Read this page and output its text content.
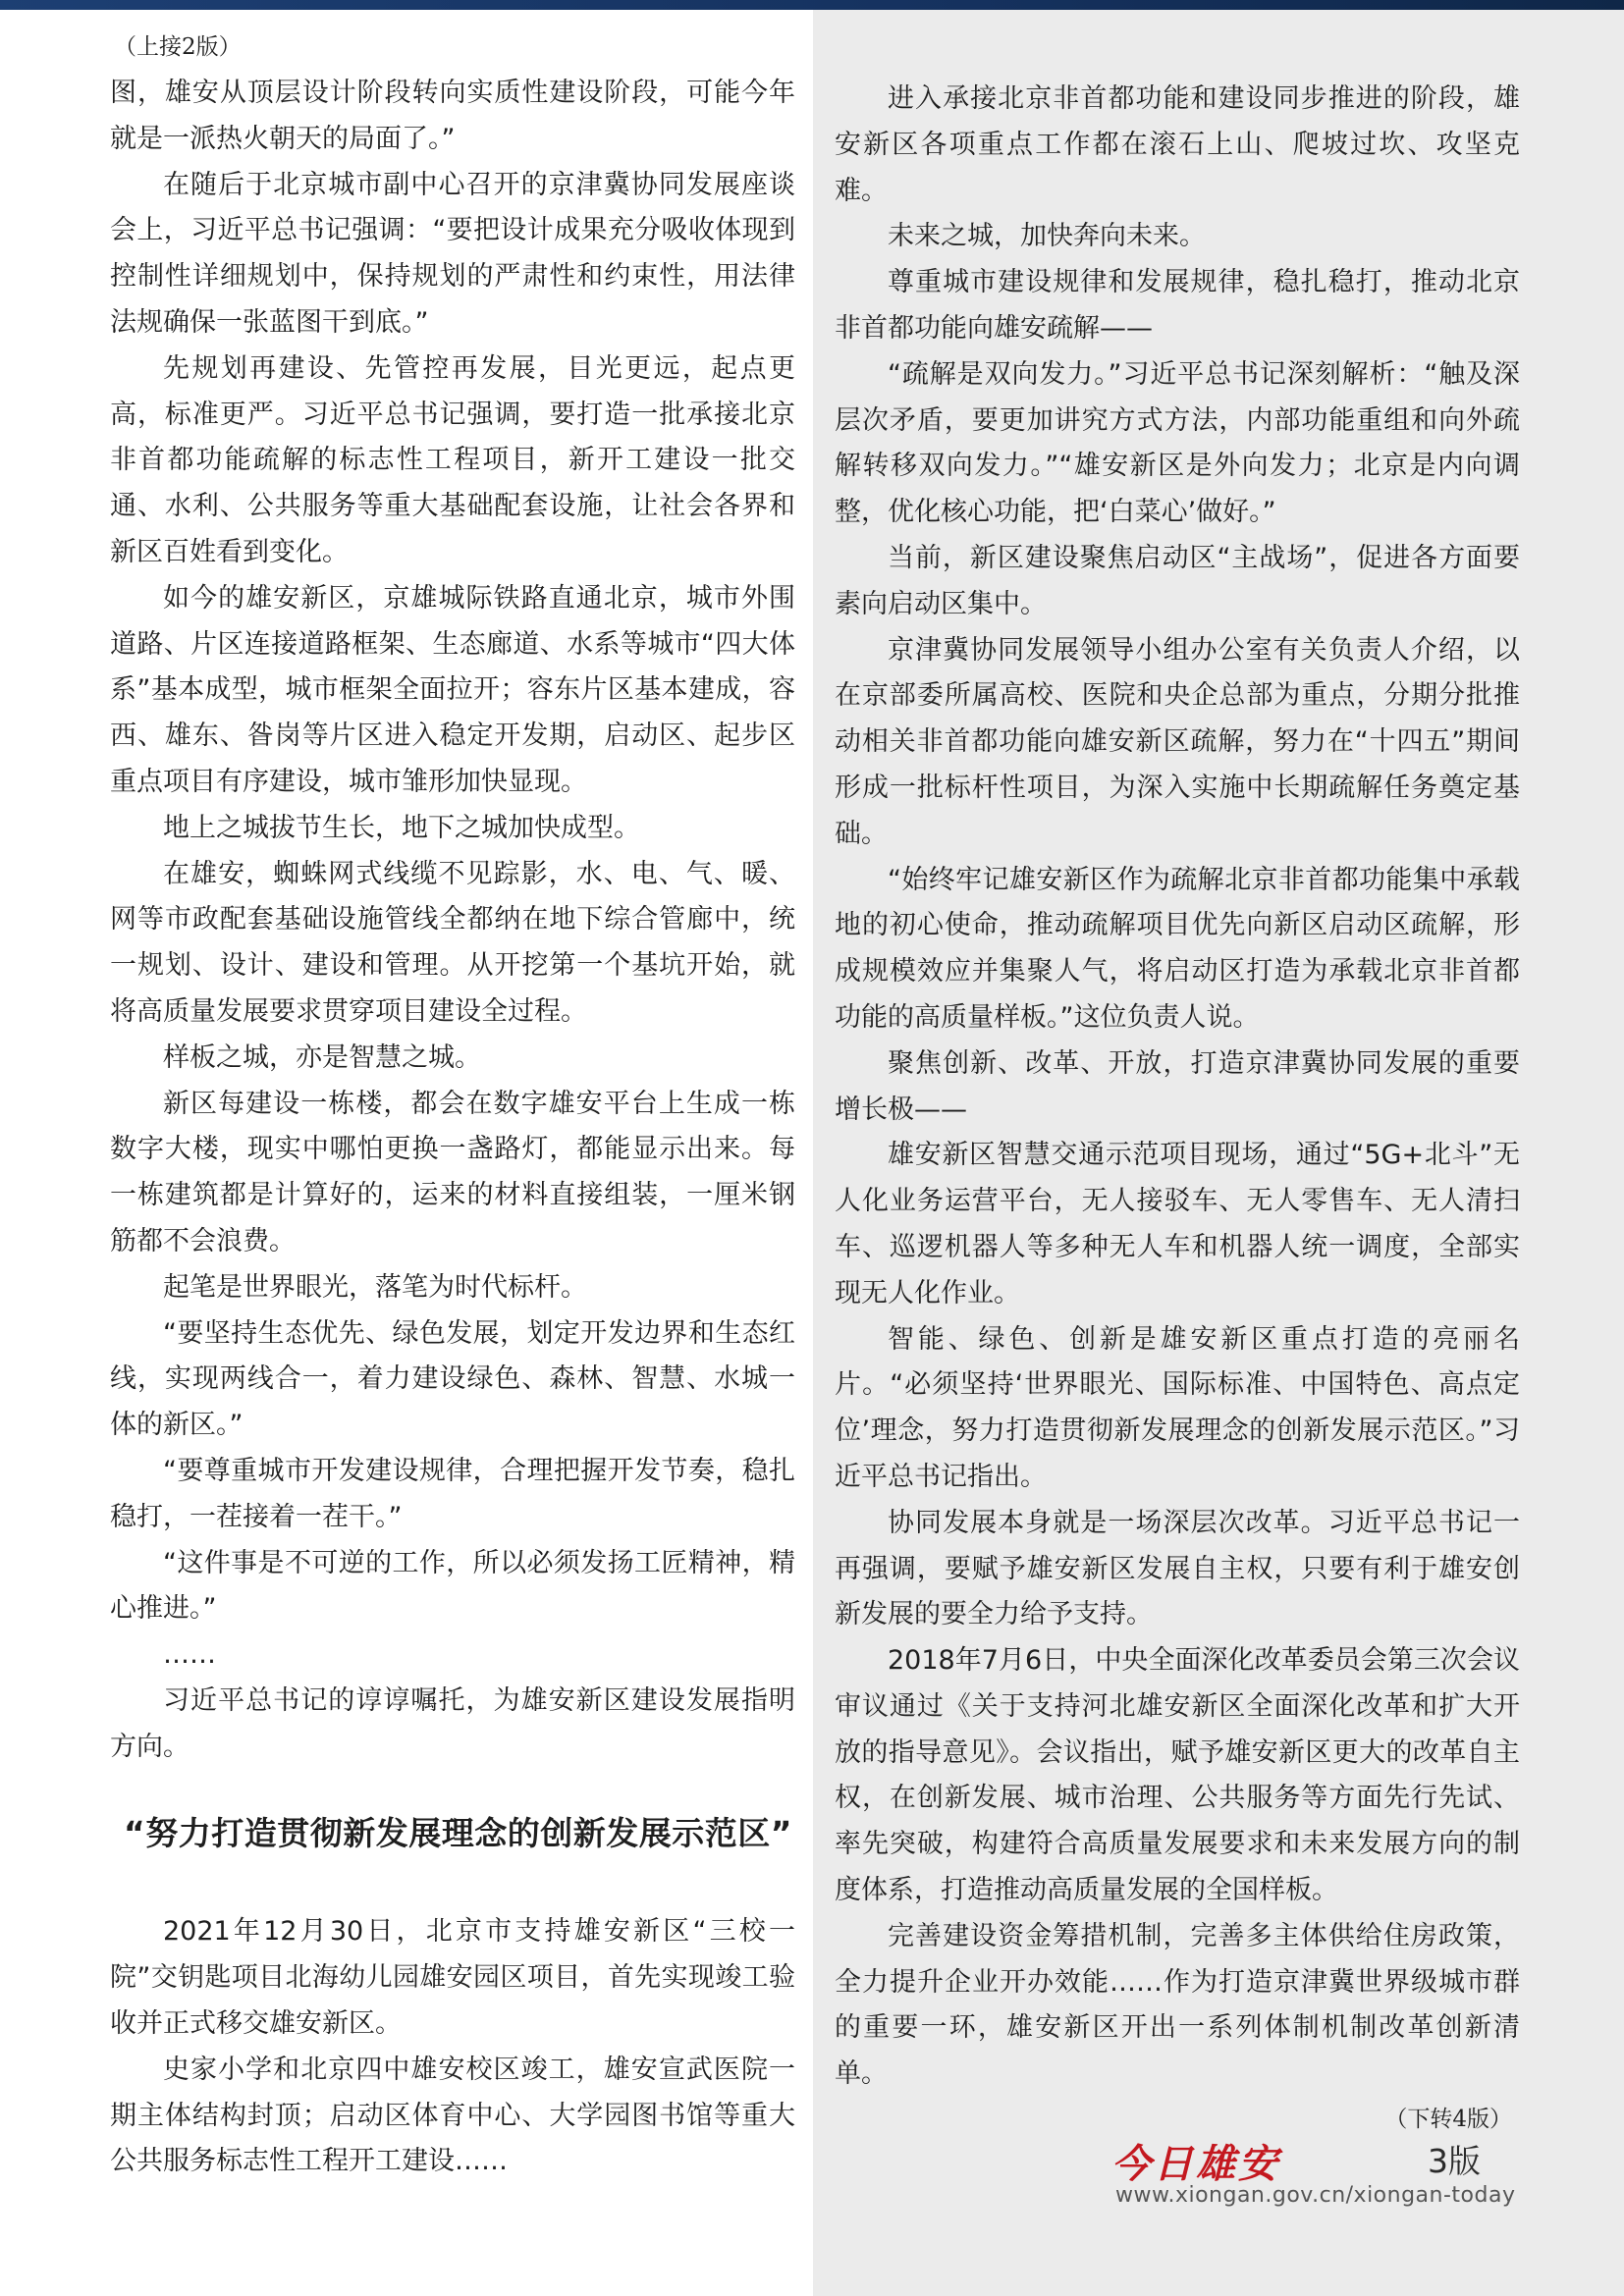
（上接2版）

图，雄安从顶层设计阶段转向实质性建设阶段，可能今年就是一派热火朝天的局面了。”

在随后于北京城市副中心召开的京津冀协同发展座谈会上，习近平总书记强调：“要把设计成果充分吸收体现到控制性详细规划中，保持规划的严肃性和约束性，用法律法规确保一张蓝图干到底。”

先规划再建设、先管控再发展，目光更远，起点更高，标准更严。习近平总书记强调，要打造一批承接北京非首都功能疏解的标志性工程项目，新开工建设一批交通、水利、公共服务等重大基础配套设施，让社会各界和新区百姓看到变化。

如今的雄安新区，京雄城际铁路直通北京，城市外围道路、片区连接道路框架、生态廊道、水系等城市“四大体系”基本成型，城市框架全面拉开；容东片区基本建成，容西、雄东、昝岗等片区进入稳定开发期，启动区、起步区重点项目有序建设，城市雏形加快显现。

地上之城拔节生长，地下之城加快成型。

在雄安，蜘蛛网式线缆不见踪影，水、电、气、暖、网等市政配套基础设施管线全都纳在地下综合管廊中，统一规划、设计、建设和管理。从开挖第一个基坑开始，就将高质量发展要求贯穿项目建设全过程。

样板之城，亦是智慧之城。

新区每建设一栋楼，都会在数字雄安平台上生成一栋数字大楼，现实中哪怕更换一盏路灯，都能显示出来。每一栋建筑都是计算好的，运来的材料直接组装，一厘米钢筋都不会浪费。

起笔是世界眼光，落笔为时代标杆。

“要坚持生态优先、绿色发展，划定开发边界和生态红线，实现两线合一，着力建设绿色、森林、智慧、水城一体的新区。”

“要尊重城市开发建设规律，合理把握开发节奏，稳扎稳打，一茬接着一茬干。”

“这件事是不可逆的工作，所以必须发扬工匠精神，精心推进。”

……

习近平总书记的谆谆嘱托，为雄安新区建设发展指明方向。

“努力打造贯彻新发展理念的创新发展示范区”

2021年12月30日，北京市支持雄安新区“三校一院”交钥匙项目北海幼儿园雄安园区项目，首先实现竣工验收并正式移交雄安新区。

史家小学和北京四中雄安校区竣工，雄安宣武医院一期主体结构封顶；启动区体育中心、大学园图书馆等重大公共服务标志性工程开工建设……

进入承接北京非首都功能和建设同步推进的阶段，雄安新区各项重点工作都在滚石上山、爬坡过坎、攻坚克难。

未来之城，加快奔向未来。

尊重城市建设规律和发展规律，稳扎稳打，推动北京非首都功能向雄安疏解——

“疏解是双向发力。”习近平总书记深刻解析：“触及深层次矛盾，要更加讲究方式方法，内部功能重组和向外疏解转移双向发力。”“雄安新区是外向发力；北京是内向调整，优化核心功能，把‘白菜心’做好。”

当前，新区建设聚焦启动区“主战场”，促进各方面要素向启动区集中。

京津冀协同发展领导小组办公室有关负责人介绍，以在京部委所属高校、医院和央企总部为重点，分期分批推动相关非首都功能向雄安新区疏解，努力在“十四五”期间形成一批标杆性项目，为深入实施中长期疏解任务奠定基础。

“始终牢记雄安新区作为疏解北京非首都功能集中承载地的初心使命，推动疏解项目优先向新区启动区疏解，形成规模效应并集聚人气，将启动区打造为承载北京非首都功能的高质量样板。”这位负责人说。

聚焦创新、改革、开放，打造京津冀协同发展的重要增长极——

雄安新区智慧交通示范项目现场，通过“5G+北斗”无人化业务运营平台，无人接驳车、无人零售车、无人清扫车、巡逻机器人等多种无人车和机器人统一调度，全部实现无人化作业。

智能、绿色、创新是雄安新区重点打造的亮丽名片。“必须坚持‘世界眼光、国际标准、中国特色、高点定位’理念，努力打造贯彻新发展理念的创新发展示范区。”习近平总书记指出。

协同发展本身就是一场深层次改革。习近平总书记一再强调，要赋予雄安新区发展自主权，只要有利于雄安创新发展的要全力给予支持。

2018年7月6日，中央全面深化改革委员会第三次会议审议通过《关于支持河北雄安新区全面深化改革和扩大开放的指导意见》。会议指出，赋予雄安新区更大的改革自主权，在创新发展、城市治理、公共服务等方面先行先试、率先突破，构建符合高质量发展要求和未来发展方向的制度体系，打造推动高质量发展的全国样板。

完善建设资金筹措机制，完善多主体供给住房政策，全力提升企业开办效能……作为打造京津冀世界级城市群的重要一环，雄安新区开出一系列体制机制改革创新清单。

（下转4版）
今日雄安	3版
www.xiongan.gov.cn/xiongan-today
